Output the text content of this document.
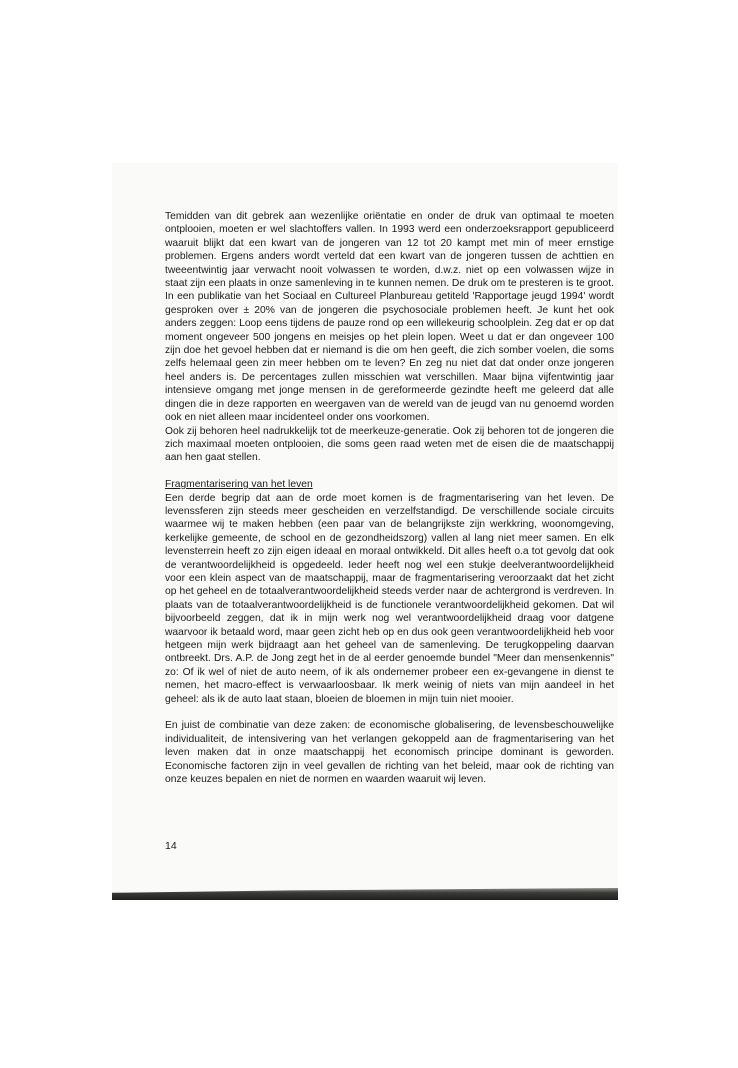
Temidden van dit gebrek aan wezenlijke oriëntatie en onder de druk van optimaal te moeten ontplooien, moeten er wel slachtoffers vallen. In 1993 werd een onderzoeksrapport gepubliceerd waaruit blijkt dat een kwart van de jongeren van 12 tot 20 kampt met min of meer ernstige problemen. Ergens anders wordt verteld dat een kwart van de jongeren tussen de achttien en tweeentwintig jaar verwacht nooit volwassen te worden, d.w.z. niet op een volwassen wijze in staat zijn een plaats in onze samenleving in te kunnen nemen. De druk om te presteren is te groot. In een publikatie van het Sociaal en Cultureel Planbureau getiteld 'Rapportage jeugd 1994' wordt gesproken over ± 20% van de jongeren die psychosociale problemen heeft. Je kunt het ook anders zeggen: Loop eens tijdens de pauze rond op een willekeurig schoolplein. Zeg dat er op dat moment ongeveer 500 jongens en meisjes op het plein lopen. Weet u dat er dan ongeveer 100 zijn doe het gevoel hebben dat er niemand is die om hen geeft, die zich somber voelen, die soms zelfs helemaal geen zin meer hebben om te leven? En zeg nu niet dat dat onder onze jongeren heel anders is. De percentages zullen misschien wat verschillen. Maar bijna vijfentwintig jaar intensieve omgang met jonge mensen in de gereformeerde gezindte heeft me geleerd dat alle dingen die in deze rapporten en weergaven van de wereld van de jeugd van nu genoemd worden ook en niet alleen maar incidenteel onder ons voorkomen.

Ook zij behoren heel nadrukkelijk tot de meerkeuze-generatie. Ook zij behoren tot de jongeren die zich maximaal moeten ontplooien, die soms geen raad weten met de eisen die de maatschappij aan hen gaat stellen.

Fragmentarisering van het leven

Een derde begrip dat aan de orde moet komen is de fragmentarisering van het leven. De levenssferen zijn steeds meer gescheiden en verzelfstandigd. De verschillende sociale circuits waarmee wij te maken hebben (een paar van de belangrijkste zijn werkkring, woonomgeving, kerkelijke gemeente, de school en de gezondheidszorg) vallen al lang niet meer samen. En elk levensterrein heeft zo zijn eigen ideaal en moraal ontwikkeld. Dit alles heeft o.a tot gevolg dat ook de verantwoordelijkheid is opgedeeld. Ieder heeft nog wel een stukje deelverantwoordelijkheid voor een klein aspect van de maatschappij, maar de fragmentarisering veroorzaakt dat het zicht op het geheel en de totaalverantwoordelijkheid steeds verder naar de achtergrond is verdreven. In plaats van de totaalverantwoordelijkheid is de functionele verantwoordelijkheid gekomen. Dat wil bijvoorbeeld zeggen, dat ik in mijn werk nog wel verantwoordelijkheid draag voor datgene waarvoor ik betaald word, maar geen zicht heb op en dus ook geen verantwoordelijkheid heb voor hetgeen mijn werk bijdraagt aan het geheel van de samenleving. De terugkoppeling daarvan ontbreekt. Drs. A.P. de Jong zegt het in de al eerder genoemde bundel "Meer dan mensenkennis" zo: Of ik wel of niet de auto neem, of ik als ondernemer probeer een ex-gevangene in dienst te nemen, het macro-effect is verwaarloosbaar. Ik merk weinig of niets van mijn aandeel in het geheel: als ik de auto laat staan, bloeien de bloemen in mijn tuin niet mooier.

En juist de combinatie van deze zaken: de economische globalisering, de levensbeschouwelijke individualiteit, de intensivering van het verlangen gekoppeld aan de fragmentarisering van het leven maken dat in onze maatschappij het economisch principe dominant is geworden. Economische factoren zijn in veel gevallen de richting van het beleid, maar ook de richting van onze keuzes bepalen en niet de normen en waarden waaruit wij leven.

14
